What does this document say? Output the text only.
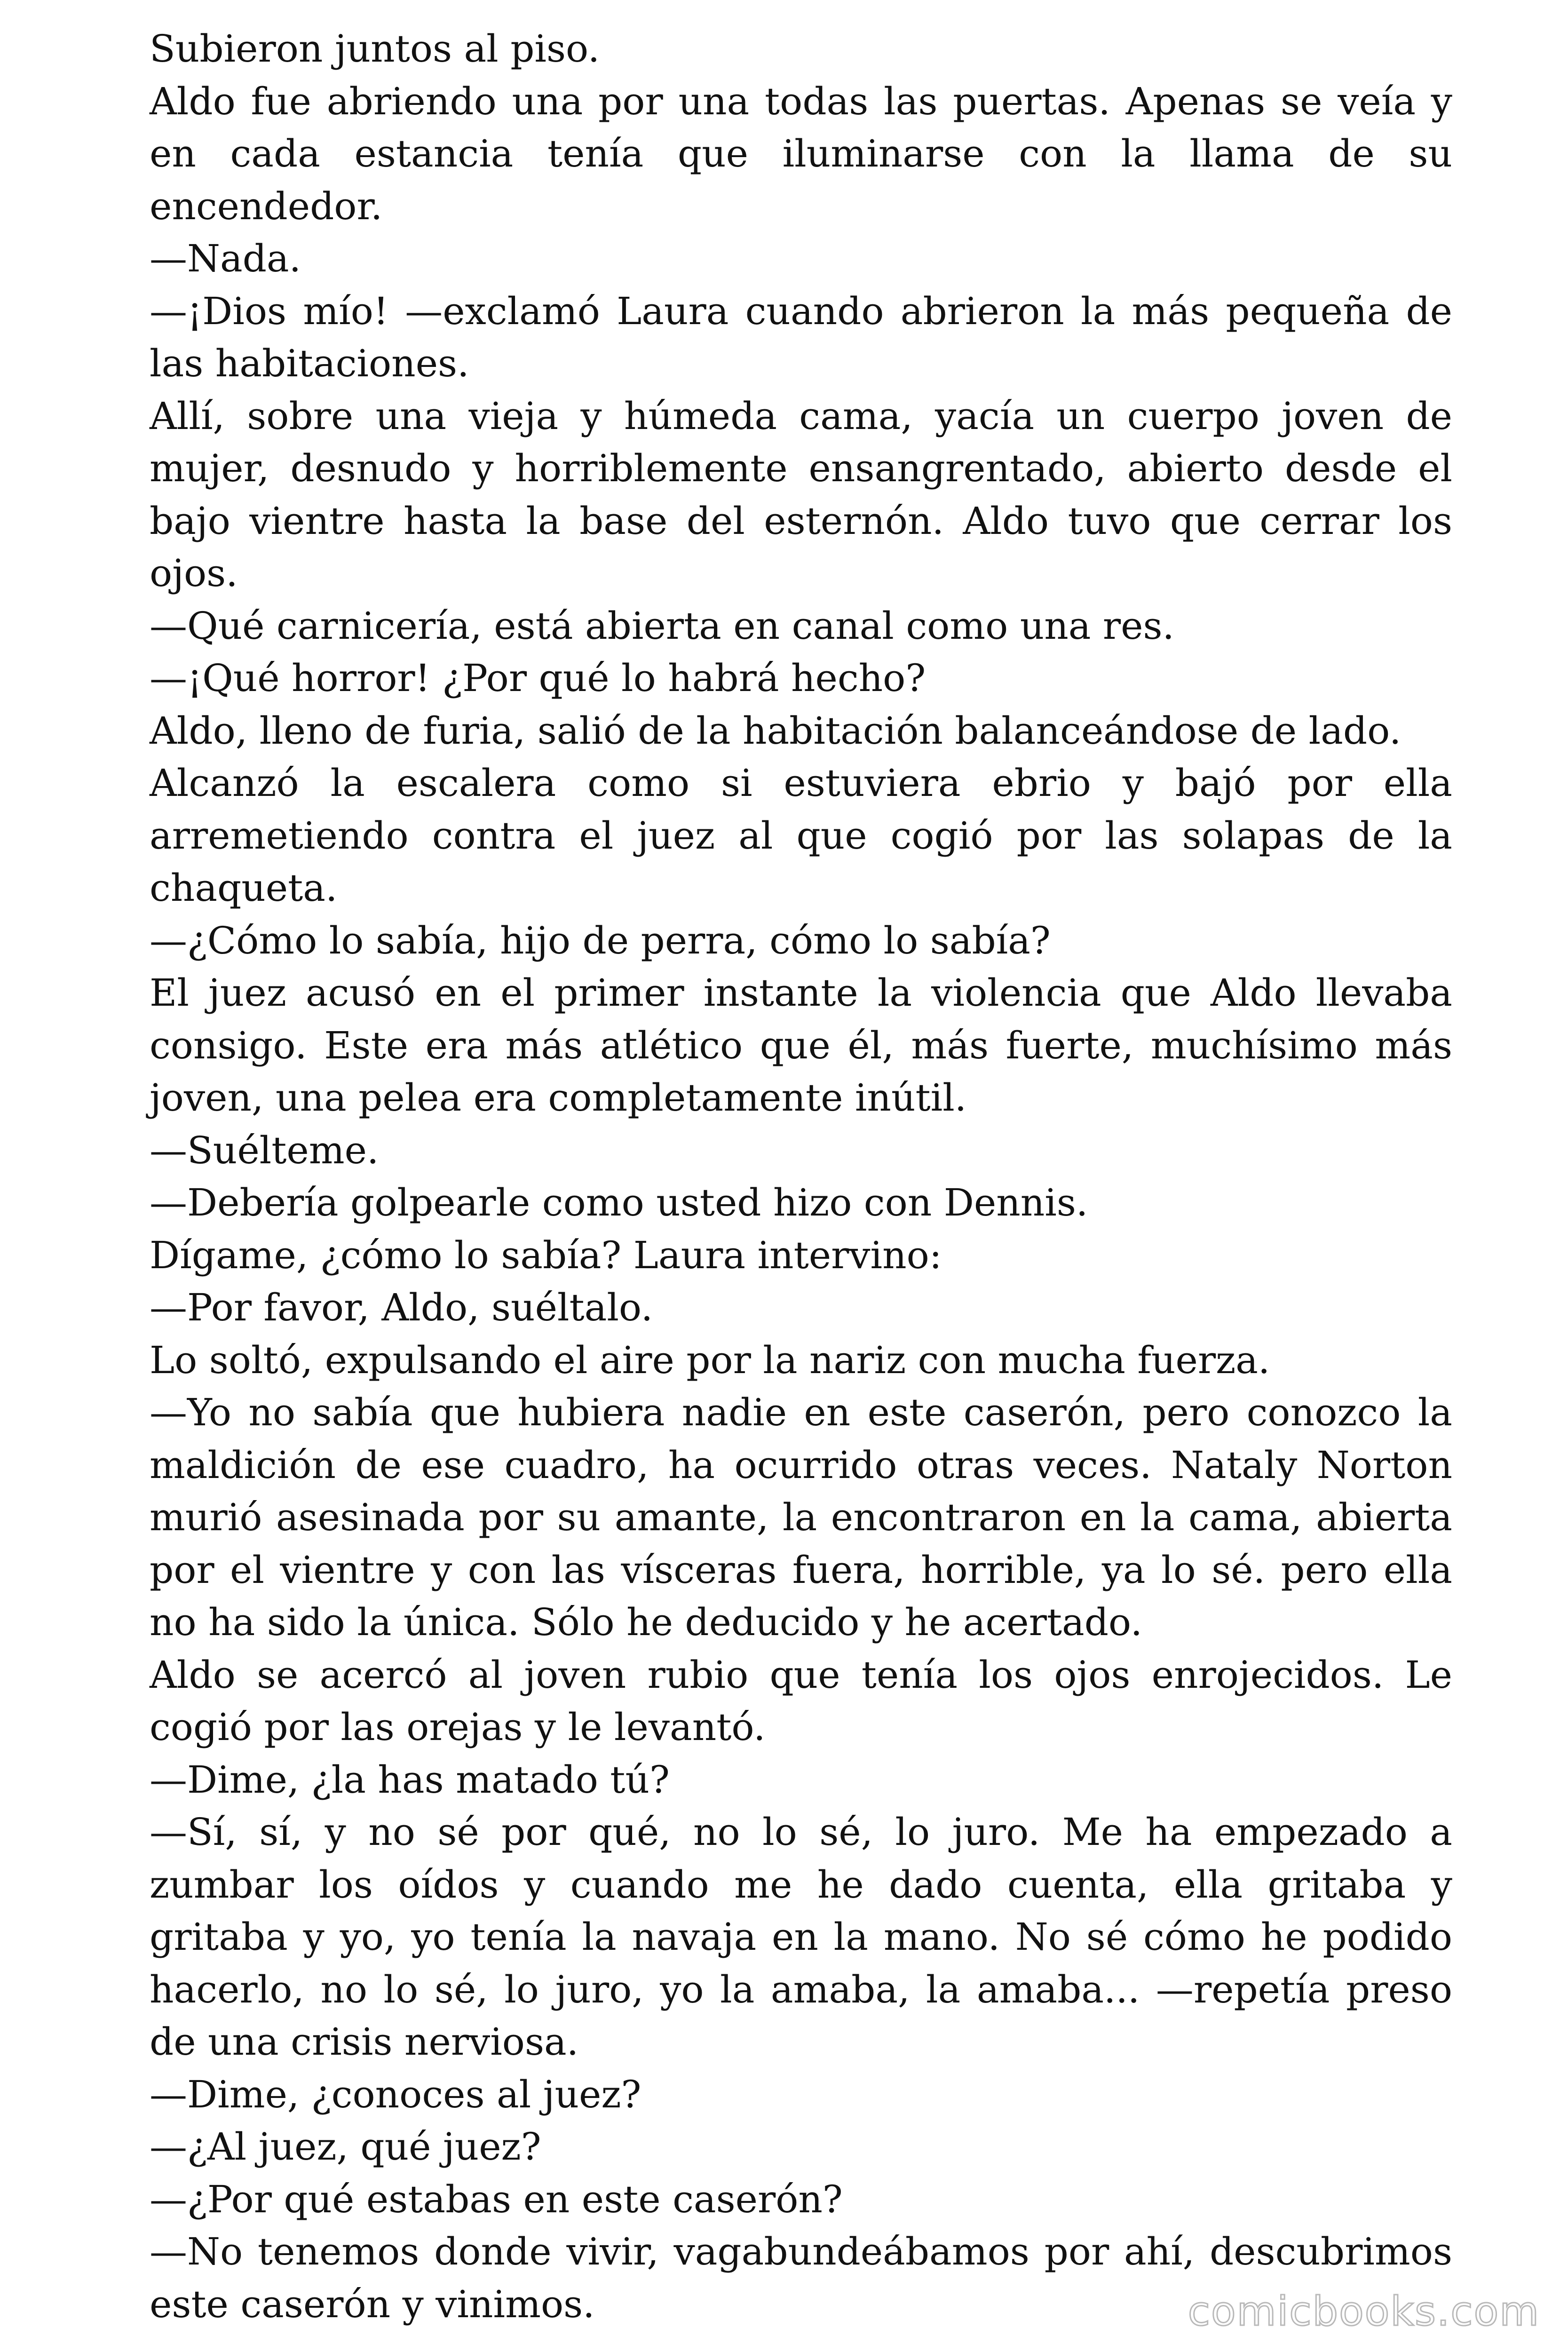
Subieron juntos al piso.

Aldo fue abriendo una por una todas las puertas. Apenas se veía y en cada estancia tenía que iluminarse con la llama de su encendedor.

—Nada.

—¡Dios mío! —exclamó Laura cuando abrieron la más pequeña de las habitaciones.

Allí, sobre una vieja y húmeda cama, yacía un cuerpo joven de mujer, desnudo y horriblemente ensangrentado, abierto desde el bajo vientre hasta la base del esternón. Aldo tuvo que cerrar los ojos.

—Qué carnicería, está abierta en canal como una res.

—¡Qué horror! ¿Por qué lo habrá hecho?

Aldo, lleno de furia, salió de la habitación balanceándose de lado.

Alcanzó la escalera como si estuviera ebrio y bajó por ella arremetiendo contra el juez al que cogió por las solapas de la chaqueta.

—¿Cómo lo sabía, hijo de perra, cómo lo sabía?

El juez acusó en el primer instante la violencia que Aldo llevaba consigo. Este era más atlético que él, más fuerte, muchísimo más joven, una pelea era completamente inútil.

—Suélteme.

—Debería golpearle como usted hizo con Dennis.

Dígame, ¿cómo lo sabía? Laura intervino:

—Por favor, Aldo, suéltalo.

Lo soltó, expulsando el aire por la nariz con mucha fuerza.

—Yo no sabía que hubiera nadie en este caserón, pero conozco la maldición de ese cuadro, ha ocurrido otras veces. Nataly Norton murió asesinada por su amante, la encontraron en la cama, abierta por el vientre y con las vísceras fuera, horrible, ya lo sé. pero ella no ha sido la única. Sólo he deducido y he acertado.

Aldo se acercó al joven rubio que tenía los ojos enrojecidos. Le cogió por las orejas y le levantó.

—Dime, ¿la has matado tú?

—Sí, sí, y no sé por qué, no lo sé, lo juro. Me ha empezado a zumbar los oídos y cuando me he dado cuenta, ella gritaba y gritaba y yo, yo tenía la navaja en la mano. No sé cómo he podido hacerlo, no lo sé, lo juro, yo la amaba, la amaba... —repetía preso de una crisis nerviosa.

—Dime, ¿conoces al juez?

—¿Al juez, qué juez?

—¿Por qué estabas en este caserón?

—No tenemos donde vivir, vagabundeábamos por ahí, descubrimos este caserón y vinimos.	comicbooks.com
